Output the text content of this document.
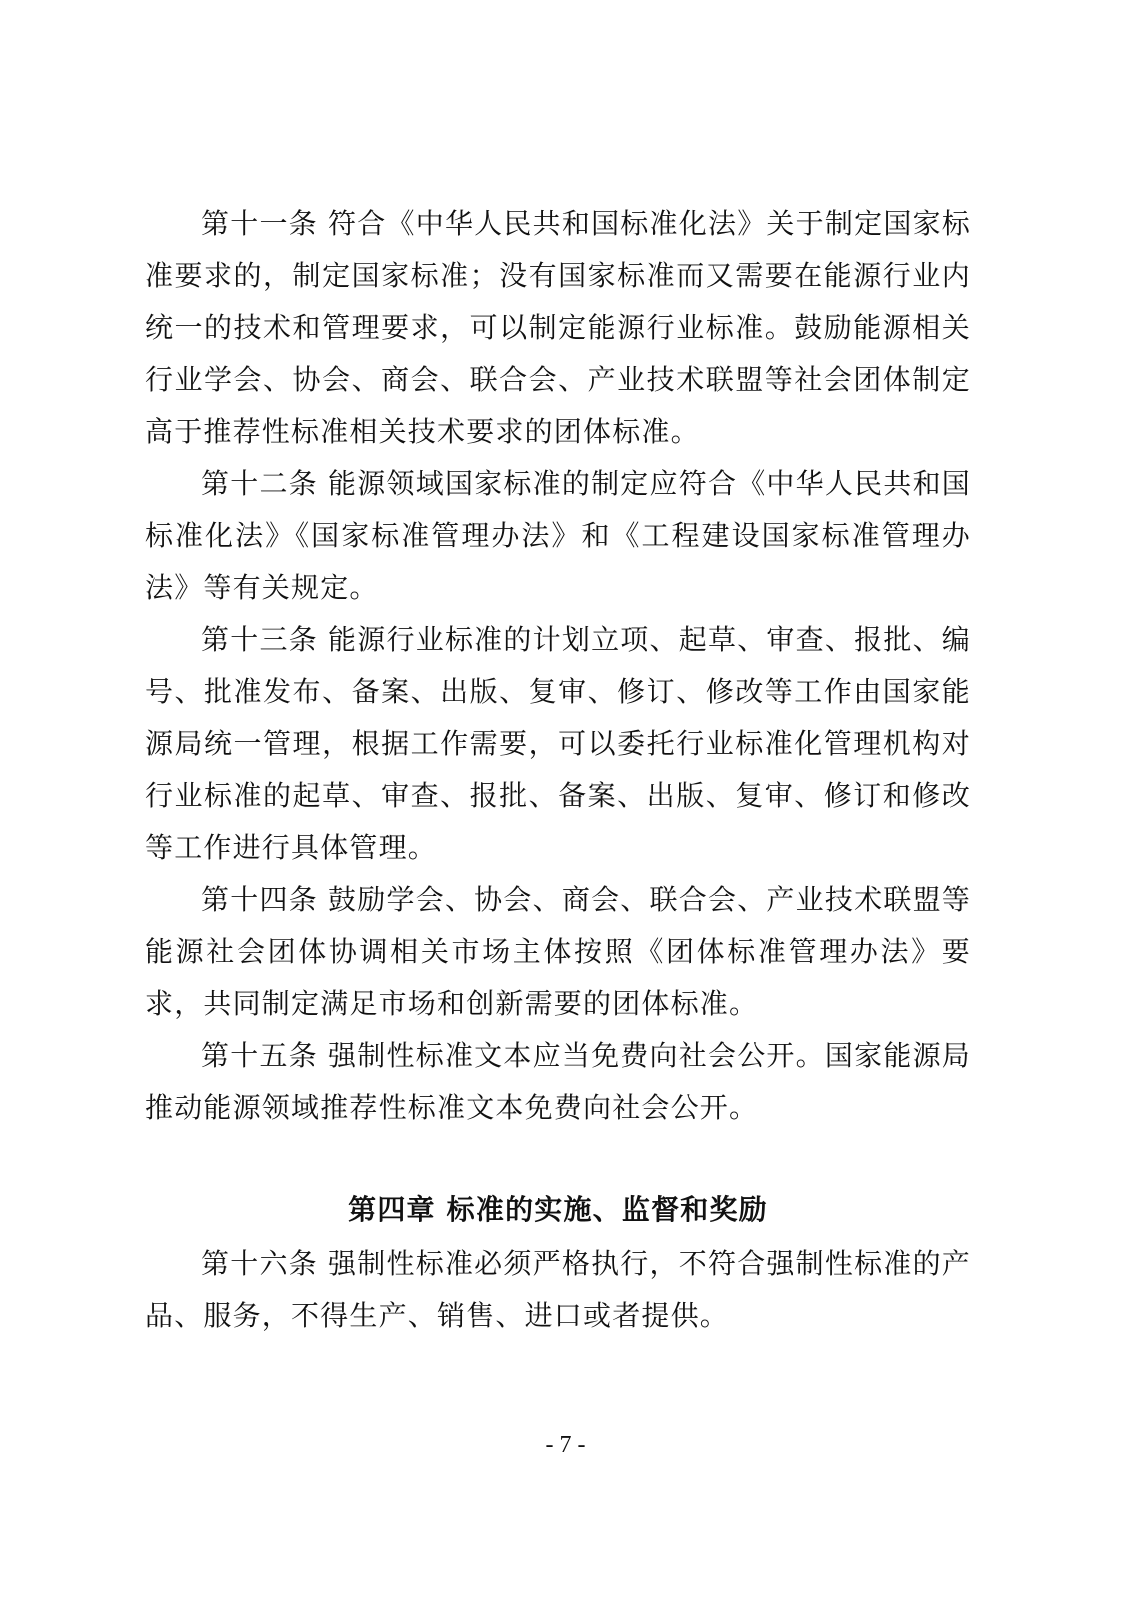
第十一条 符合《中华人民共和国标准化法》关于制定国家标准要求的，制定国家标准；没有国家标准而又需要在能源行业内统一的技术和管理要求，可以制定能源行业标准。鼓励能源相关行业学会、协会、商会、联合会、产业技术联盟等社会团体制定高于推荐性标准相关技术要求的团体标准。

第十二条 能源领域国家标准的制定应符合《中华人民共和国标准化法》《国家标准管理办法》和《工程建设国家标准管理办法》等有关规定。

第十三条 能源行业标准的计划立项、起草、审查、报批、编号、批准发布、备案、出版、复审、修订、修改等工作由国家能源局统一管理，根据工作需要，可以委托行业标准化管理机构对行业标准的起草、审查、报批、备案、出版、复审、修订和修改等工作进行具体管理。

第十四条 鼓励学会、协会、商会、联合会、产业技术联盟等能源社会团体协调相关市场主体按照《团体标准管理办法》要求，共同制定满足市场和创新需要的团体标准。

第十五条 强制性标准文本应当免费向社会公开。国家能源局推动能源领域推荐性标准文本免费向社会公开。

第四章 标准的实施、监督和奖励

第十六条 强制性标准必须严格执行，不符合强制性标准的产品、服务，不得生产、销售、进口或者提供。

- 7 -
